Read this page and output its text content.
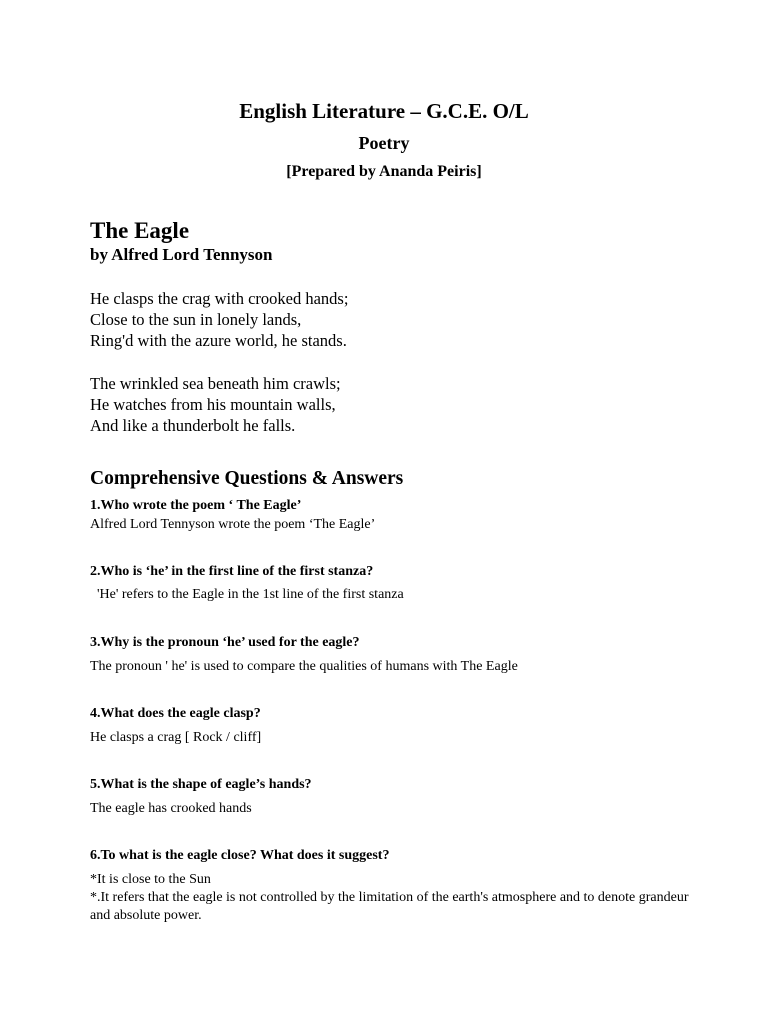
English Literature – G.C.E. O/L
Poetry
[Prepared by Ananda Peiris]
The Eagle
by Alfred Lord Tennyson
He clasps the crag with crooked hands;
Close to the sun in lonely lands,
Ring'd with the azure world, he stands.
The wrinkled sea beneath him crawls;
He watches from his mountain walls,
And like a thunderbolt he falls.
Comprehensive Questions & Answers
1.Who wrote the poem ‘ The Eagle’
Alfred Lord Tennyson wrote the poem ‘The Eagle’
2.Who is ‘he’ in the first line of the first stanza?
'He' refers to the Eagle in the 1st line of the first stanza
3.Why is the pronoun ‘he’ used for the eagle?
The pronoun ' he' is used to compare the qualities of humans with The Eagle
4.What does the eagle clasp?
He clasps a crag [ Rock / cliff]
5.What is the shape of eagle’s hands?
The eagle has crooked hands
6.To what is the eagle close? What does it suggest?
*It is close to the Sun
*.It refers that the eagle is not controlled by the limitation of the earth's atmosphere and to denote grandeur and absolute power.
